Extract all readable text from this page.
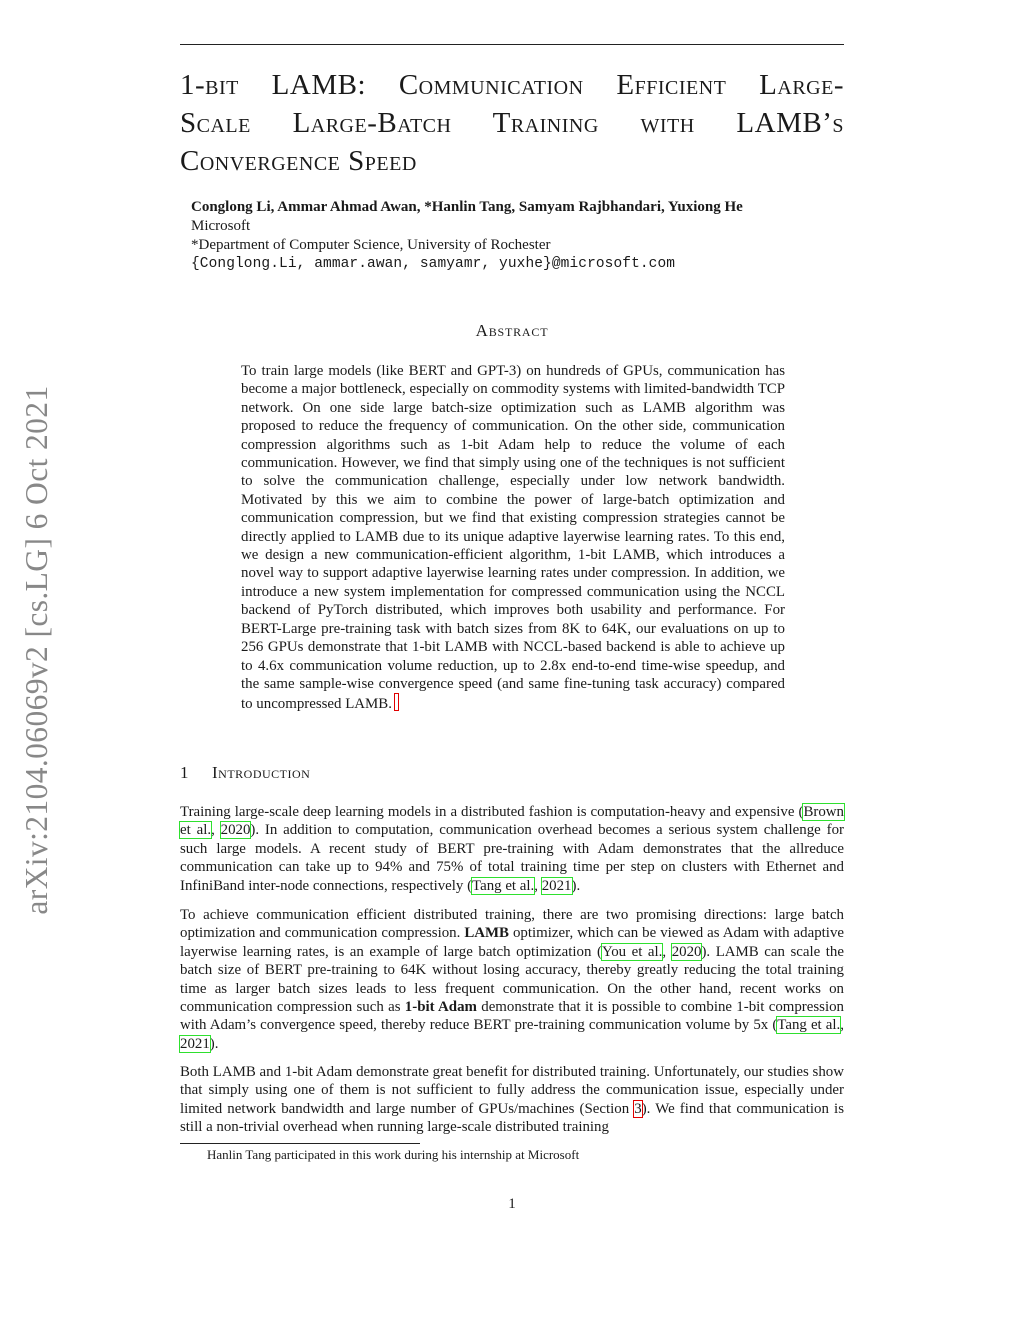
arXiv:2104.06069v2 [cs.LG] 6 Oct 2021
1-bit LAMB: Communication Efficient Large-
Scale Large-Batch Training with LAMB’s
Convergence Speed
Conglong Li, Ammar Ahmad Awan, *Hanlin Tang, Samyam Rajbhandari, Yuxiong He
Microsoft
*Department of Computer Science, University of Rochester
{Conglong.Li, ammar.awan, samyamr, yuxhe}@microsoft.com
Abstract
To train large models (like BERT and GPT-3) on hundreds of GPUs, communication has become a major bottleneck, especially on commodity systems with limited-bandwidth TCP network. On one side large batch-size optimization such as LAMB algorithm was proposed to reduce the frequency of communication. On the other side, communication compression algorithms such as 1-bit Adam help to reduce the volume of each communication. However, we find that simply using one of the techniques is not sufficient to solve the communication challenge, especially under low network bandwidth. Motivated by this we aim to combine the power of large-batch optimization and communication compression, but we find that existing compression strategies cannot be directly applied to LAMB due to its unique adaptive layerwise learning rates. To this end, we design a new communication-efficient algorithm, 1-bit LAMB, which introduces a novel way to support adaptive layerwise learning rates under compression. In addition, we introduce a new system implementation for compressed communication using the NCCL backend of PyTorch distributed, which improves both usability and performance. For BERT-Large pre-training task with batch sizes from 8K to 64K, our evaluations on up to 256 GPUs demonstrate that 1-bit LAMB with NCCL-based backend is able to achieve up to 4.6x communication volume reduction, up to 2.8x end-to-end time-wise speedup, and the same sample-wise convergence speed (and same fine-tuning task accuracy) compared to uncompressed LAMB.
1 Introduction
Training large-scale deep learning models in a distributed fashion is computation-heavy and expensive (Brown et al., 2020). In addition to computation, communication overhead becomes a serious system challenge for such large models. A recent study of BERT pre-training with Adam demonstrates that the allreduce communication can take up to 94% and 75% of total training time per step on clusters with Ethernet and InfiniBand inter-node connections, respectively (Tang et al., 2021).
To achieve communication efficient distributed training, there are two promising directions: large batch optimization and communication compression. LAMB optimizer, which can be viewed as Adam with adaptive layerwise learning rates, is an example of large batch optimization (You et al., 2020). LAMB can scale the batch size of BERT pre-training to 64K without losing accuracy, thereby greatly reducing the total training time as larger batch sizes leads to less frequent communication. On the other hand, recent works on communication compression such as 1-bit Adam demonstrate that it is possible to combine 1-bit compression with Adam’s convergence speed, thereby reduce BERT pre-training communication volume by 5x (Tang et al., 2021).
Both LAMB and 1-bit Adam demonstrate great benefit for distributed training. Unfortunately, our studies show that simply using one of them is not sufficient to fully address the communication issue, especially under limited network bandwidth and large number of GPUs/machines (Section 3). We find that communication is still a non-trivial overhead when running large-scale distributed training
Hanlin Tang participated in this work during his internship at Microsoft
1
